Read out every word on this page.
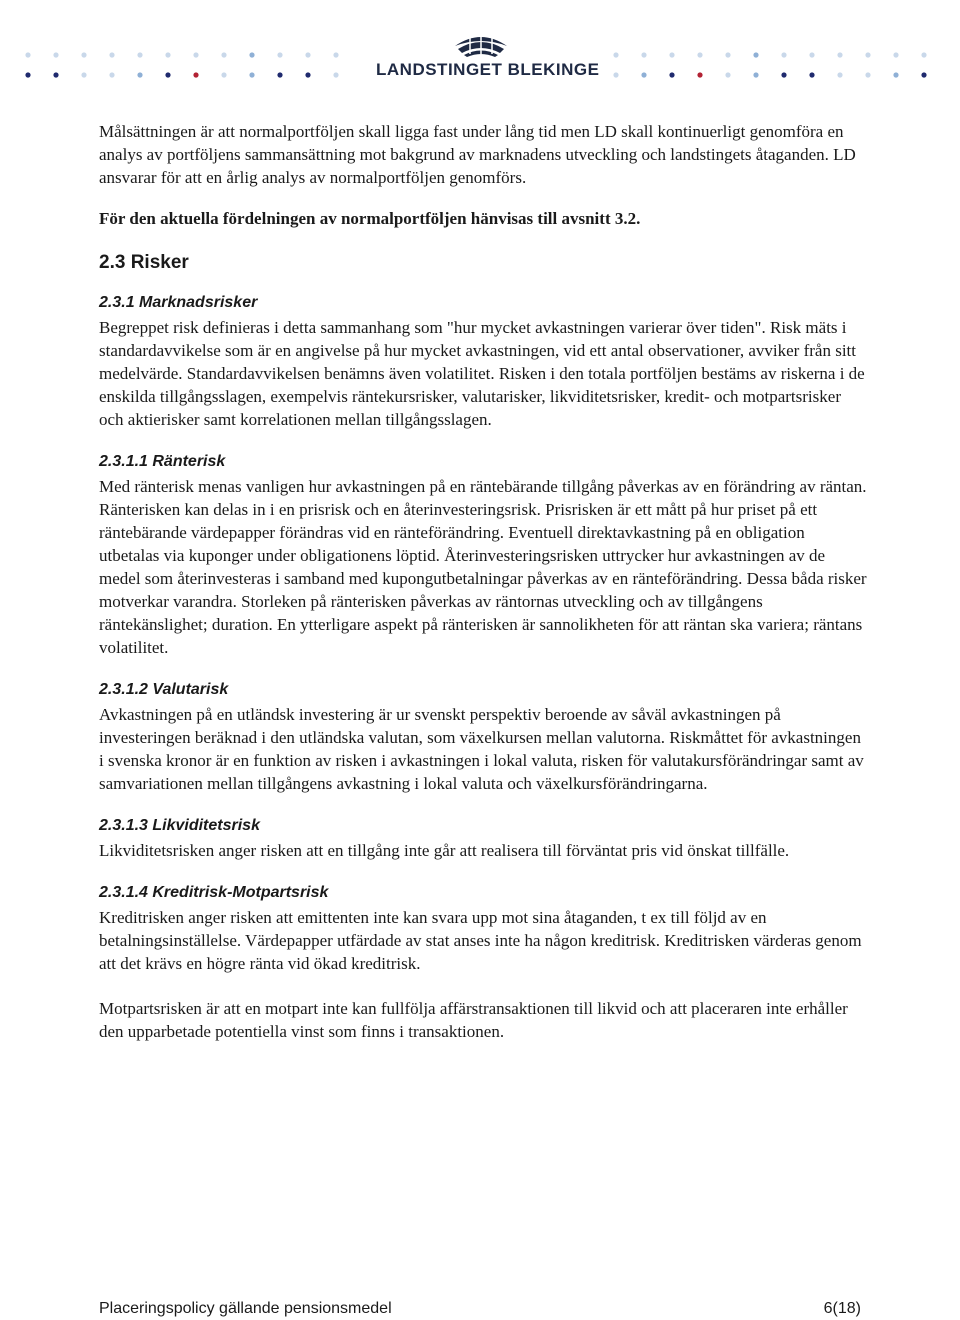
LANDSTINGET BLEKINGE

Målsättningen är att normalportföljen skall ligga fast under lång tid men LD skall kontinuerligt genomföra en analys av portföljens sammansättning mot bakgrund av marknadens utveckling och landstingets åtaganden. LD ansvarar för att en årlig analys av normalportföljen genomförs.

För den aktuella fördelningen av normalportföljen hänvisas till avsnitt 3.2.

2.3 Risker
2.3.1 Marknadsrisker

Begreppet risk definieras i detta sammanhang som "hur mycket avkastningen varierar över tiden". Risk mäts i standardavvikelse som är en angivelse på hur mycket avkastningen, vid ett antal observationer, avviker från sitt medelvärde. Standardavvikelsen benämns även volatilitet. Risken i den totala portföljen bestäms av riskerna i de enskilda tillgångsslagen, exempelvis räntekursrisker, valutarisker, likviditetsrisker, kredit- och motpartsrisker och aktierisker samt korrelationen mellan tillgångsslagen.

2.3.1.1 Ränterisk

Med ränterisk menas vanligen hur avkastningen på en räntebärande tillgång påverkas av en förändring av räntan. Ränterisken kan delas in i en prisrisk och en återinvesteringsrisk. Prisrisken är ett mått på hur priset på ett räntebärande värdepapper förändras vid en ränteförändring. Eventuell direktavkastning på en obligation utbetalas via kuponger under obligationens löptid. Återinvesteringsrisken uttrycker hur avkastningen av de medel som återinvesteras i samband med kupongutbetalningar påverkas av en ränteförändring. Dessa båda risker motverkar varandra. Storleken på ränterisken påverkas av räntornas utveckling och av tillgångens räntekänslighet; duration. En ytterligare aspekt på ränterisken är sannolikheten för att räntan ska variera; räntans volatilitet.

2.3.1.2 Valutarisk

Avkastningen på en utländsk investering är ur svenskt perspektiv beroende av såväl avkastningen på investeringen beräknad i den utländska valutan, som växelkursen mellan valutorna. Riskmåttet för avkastningen i svenska kronor är en funktion av risken i avkastningen i lokal valuta, risken för valutakursförändringar samt av samvariationen mellan tillgångens avkastning i lokal valuta och växelkursförändringarna.

2.3.1.3 Likviditetsrisk

Likviditetsrisken anger risken att en tillgång inte går att realisera till förväntat pris vid önskat tillfälle.

2.3.1.4 Kreditrisk-Motpartsrisk

Kreditrisken anger risken att emittenten inte kan svara upp mot sina åtaganden, t ex till följd av en betalningsinställelse. Värdepapper utfärdade av stat anses inte ha någon kreditrisk. Kreditrisken värderas genom att det krävs en högre ränta vid ökad kreditrisk.

Motpartsrisken är att en motpart inte kan fullfölja affärstransaktionen till likvid och att placeraren inte erhåller den upparbetade potentiella vinst som finns i transaktionen.

Placeringspolicy gällande pensionsmedel	6(18)
